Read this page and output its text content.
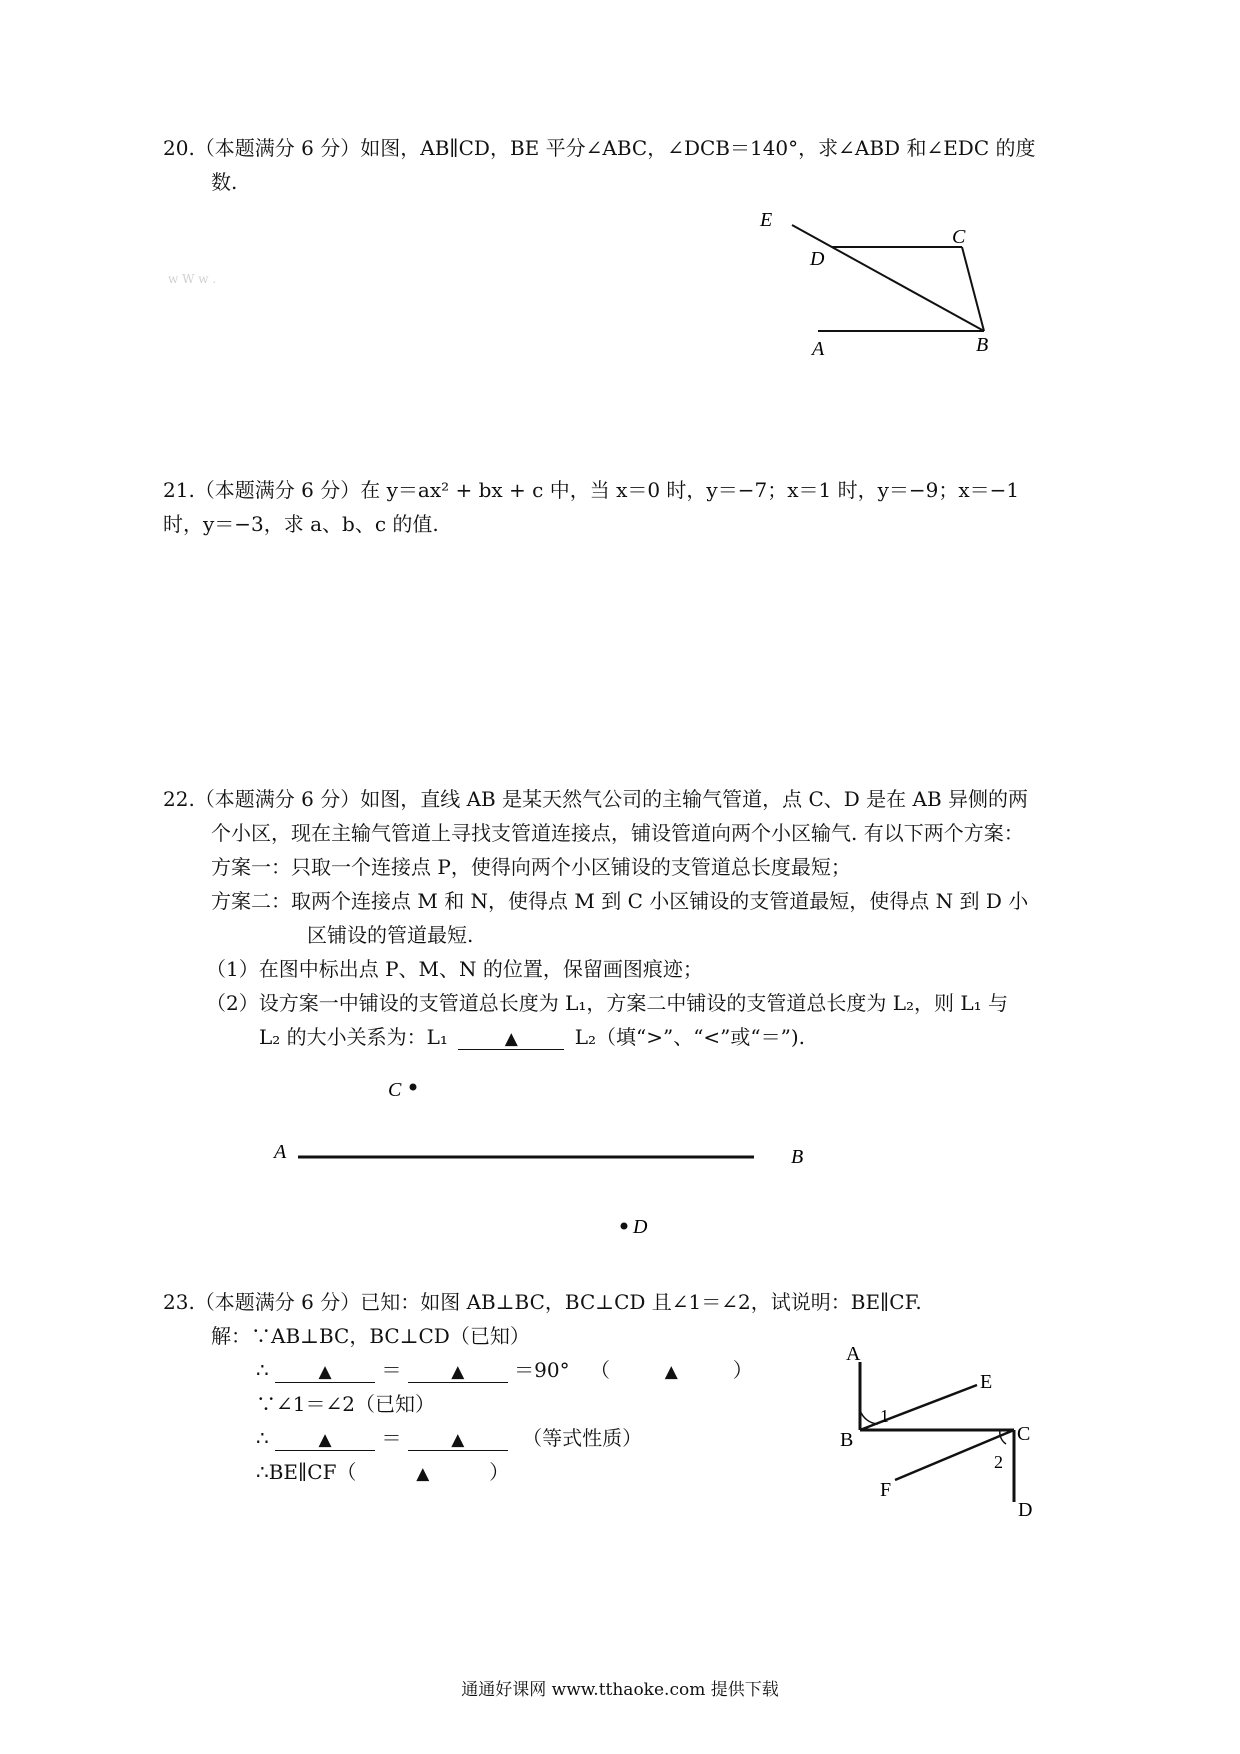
20.（本题满分 6 分）如图，AB∥CD，BE 平分∠ABC，∠DCB＝140°，求∠ABD 和∠EDC 的度
数.
w W w .
E
D
C
A	B
21.（本题满分 6 分）在 y＝ax² + bx + c 中，当 x＝0 时，y＝−7；x＝1 时，y＝−9；x＝−1
时，y＝−3，求 a、b、c 的值.
22.（本题满分 6 分）如图，直线 AB 是某天然气公司的主输气管道，点 C、D 是在 AB 异侧的两
个小区，现在主输气管道上寻找支管道连接点，铺设管道向两个小区输气. 有以下两个方案：
方案一：只取一个连接点 P，使得向两个小区铺设的支管道总长度最短；
方案二：取两个连接点 M 和 N，使得点 M 到 C 小区铺设的支管道最短，使得点 N 到 D 小
区铺设的管道最短.
（1）在图中标出点 P、M、N 的位置，保留画图痕迹；
（2）设方案一中铺设的支管道总长度为 L₁，方案二中铺设的支管道总长度为 L₂，则 L₁ 与
L₂ 的大小关系为：L₁	▲	L₂（填“>”、“<”或“＝”).
C
A	B
D
23.（本题满分 6 分）已知：如图 AB⊥BC，BC⊥CD 且∠1＝∠2，试说明：BE∥CF.
解：∵AB⊥BC，BC⊥CD（已知）
∴	▲ ＝	▲ ＝90° （	▲	）
∵∠1＝∠2（已知）
∴	▲ ＝	▲	（等式性质）
∴BE∥CF（	▲	）
A
E
1
B	C
2
F
D
通通好课网 www.tthaoke.com 提供下载
